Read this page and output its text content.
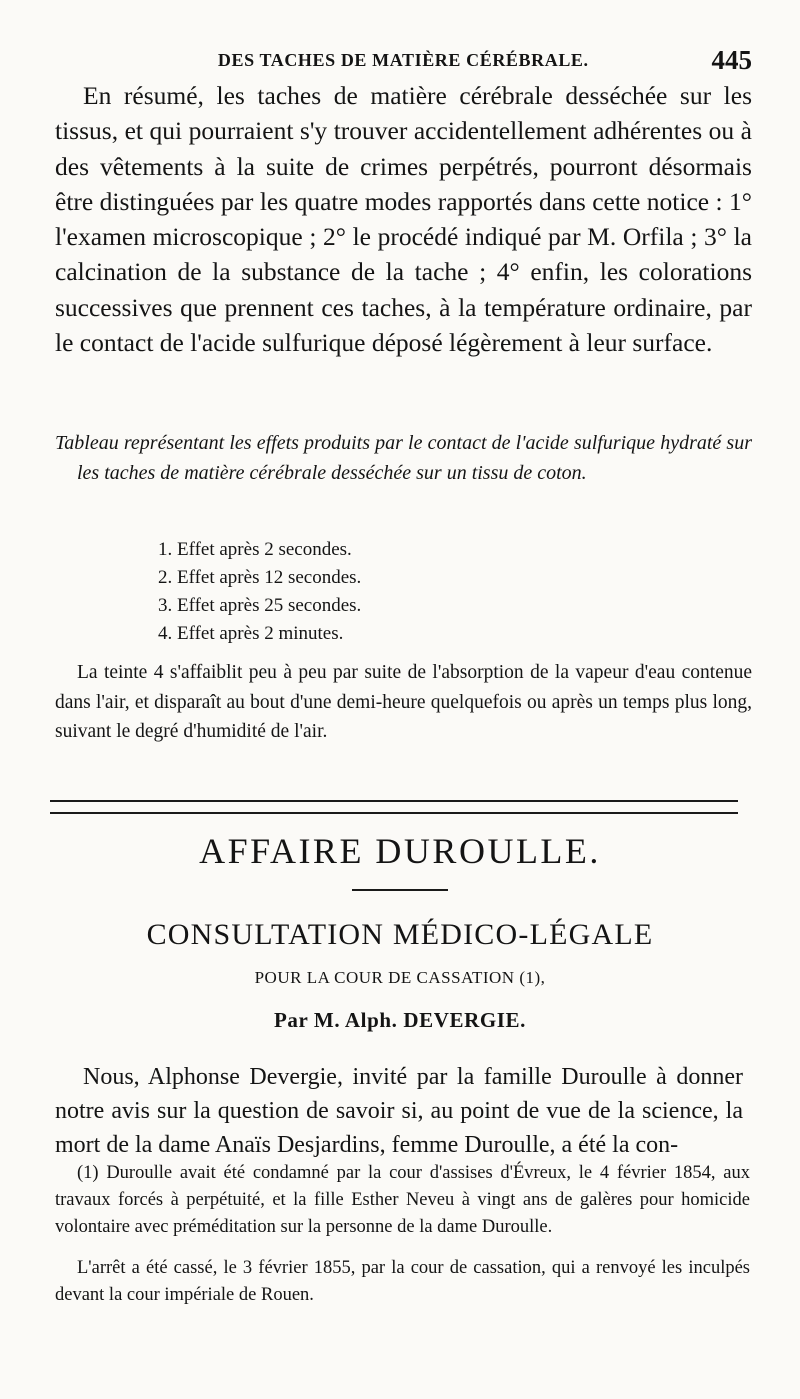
DES TACHES DE MATIÈRE CÉRÉBRALE.	445

En résumé, les taches de matière cérébrale desséchée sur les tissus, et qui pourraient s'y trouver accidentellement adhérentes ou à des vêtements à la suite de crimes perpétrés, pourront désormais être distinguées par les quatre modes rapportés dans cette notice : 1° l'examen microscopique ; 2° le procédé indiqué par M. Orfila ; 3° la calcination de la substance de la tache ; 4° enfin, les colorations successives que prennent ces taches, à la température ordinaire, par le contact de l'acide sulfurique déposé légèrement à leur surface.

Tableau représentant les effets produits par le contact de l'acide sulfurique hydraté sur les taches de matière cérébrale desséchée sur un tissu de coton.

1. Effet après 2 secondes.
2. Effet après 12 secondes.
3. Effet après 25 secondes.
4. Effet après 2 minutes.

La teinte 4 s'affaiblit peu à peu par suite de l'absorption de la vapeur d'eau contenue dans l'air, et disparaît au bout d'une demi-heure quelquefois ou après un temps plus long, suivant le degré d'humidité de l'air.

AFFAIRE DUROULLE.
CONSULTATION MÉDICO-LÉGALE
POUR LA COUR DE CASSATION (1),
Par M. Alph. DEVERGIE.

Nous, Alphonse Devergie, invité par la famille Duroulle à donner notre avis sur la question de savoir si, au point de vue de la science, la mort de la dame Anaïs Desjardins, femme Duroulle, a été la con-

(1) Duroulle avait été condamné par la cour d'assises d'Évreux, le 4 février 1854, aux travaux forcés à perpétuité, et la fille Esther Neveu à vingt ans de galères pour homicide volontaire avec préméditation sur la personne de la dame Duroulle.

L'arrêt a été cassé, le 3 février 1855, par la cour de cassation, qui a renvoyé les inculpés devant la cour impériale de Rouen.
